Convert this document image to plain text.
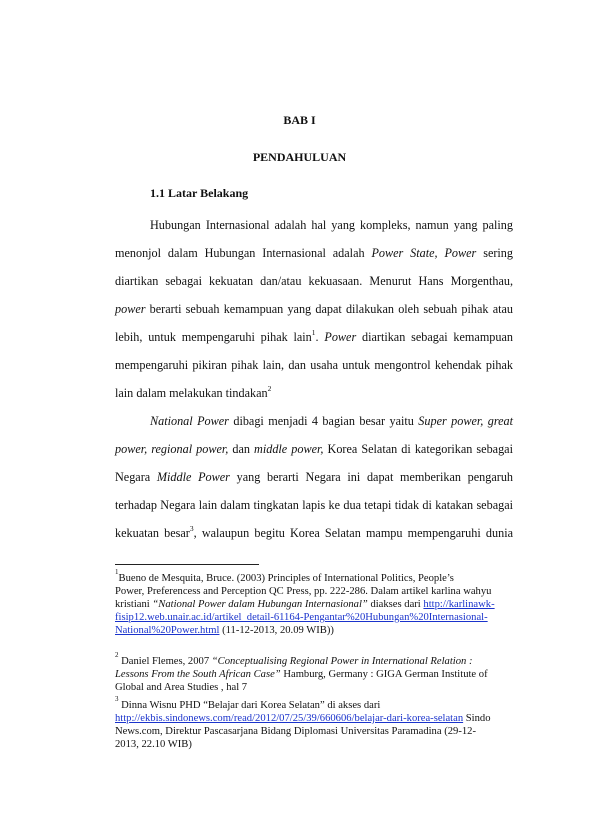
BAB I
PENDAHULUAN
1.1 Latar Belakang
Hubungan Internasional adalah hal yang kompleks, namun yang paling
menonjol dalam Hubungan Internasional adalah Power State, Power sering
diartikan sebagai kekuatan dan/atau kekuasaan. Menurut Hans Morgenthau,
power berarti sebuah kemampuan yang dapat dilakukan oleh sebuah pihak atau
lebih, untuk mempengaruhi pihak lain$^1$. Power diartikan sebagai kemampuan
mempengaruhi pikiran pihak lain, dan usaha untuk mengontrol kehendak pihak
lain dalam melakukan tindakan$^2$
National Power dibagi menjadi 4 bagian besar yaitu Super power, great
power, regional power, dan middle power, Korea Selatan di kategorikan sebagai
Negara Middle Power yang berarti Negara ini dapat memberikan pengaruh
terhadap Negara lain dalam tingkatan lapis ke dua tetapi tidak di katakan sebagai
kekuatan besar$^3$, walaupun begitu Korea Selatan mampu mempengaruhi dunia
$^1$Bueno de Mesquita, Bruce. (2003) Principles of International Politics, People’s
Power, Preferencess and Perception QC Press, pp. 222-286. Dalam artikel karlina wahyu
kristiani “National Power dalam Hubungan Internasional” diakses dari http://karlinawk-
fisip12.web.unair.ac.id/artikel_detail-61164-Pengantar%20Hubungan%20Internasional-
National%20Power.html (11-12-2013, 20.09 WIB))
$^2$ Daniel Flemes, 2007 “Conceptualising Regional Power in International Relation :
Lessons From the South African Case” Hamburg, Germany : GIGA German Institute of
Global and Area Studies , hal 7
$^3$ Dinna Wisnu PHD “Belajar dari Korea Selatan” di akses dari
http://ekbis.sindonews.com/read/2012/07/25/39/660606/belajar-dari-korea-selatan Sindo
News.com, Direktur Pascasarjana Bidang Diplomasi Universitas Paramadina (29-12-
2013, 22.10 WIB)
